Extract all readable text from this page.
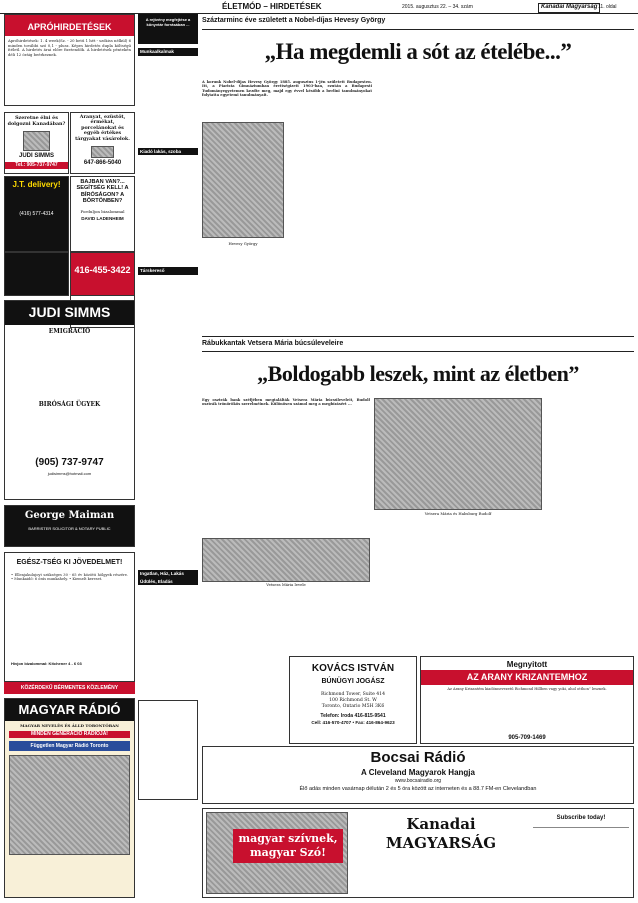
ÉLETMÓD – HIRDETÉSEK	2015. augusztus 22. – 34. szám	Kanadai Magyarság 11. oldal
APRÓHIRDETÉSEK
Apróhirdetések: 1. 4 week(Sz. - 20 betű 1 hét - szókiss nélkül) 6 minden további szó 0,1 - plusz. Képes hirdetés dupla költségű ítéletl. A hirdetés árai előre fizetendők. A hirdetések péntekén déli 12 óráig beérkeznek.
Szeretne élni és dolgozni Kanadában?
JUDI SIMMS
Tel.: 905-737-9747
Aranyat, ezüstöt, érmékat, porcelánokat és egyéb értékes tárgyakat vásárolok.
647-866-5040
J.T. delivery!
(416) 577-4314
BAJBAN VAN?... SEGÍTSÉG KELL! A BÍRÓSÁGON? A BÖRTÖNBEN?
Forduljon bizalommal
DAVID LADENHEIM
416-455-3422
JUDI SIMMS
EMIGRÁCIÓ
BIRÓSÁGI ÜGYEK
(905) 737-9747
judisimms@hotmail.com
George Maiman
BARRISTER SOLICITOR & NOTARY PUBLIC
EGÉSZ-TSÉG KI JÖVEDELMET!
• Ellenjakulujoyt szükséges 30 - 65 év közötti hölgyek részére. • Munkaidő: 6 órás munkahely. • Kiemelt kereset.
Hívjon bizalommal: Kitchener 4 - 6 03
KÖZÉRDEKŰ BÉRMENTES KÖZLEMÉNY
MAGYAR RÁDIÓ
MAGYAR NEVELÉS ÉS ÁLLD TORONTÓBAN
MINDEN GENERÁCIÓ RÁDIÓJA!
Független Magyar Rádió Toronto
A rejtvény megfejtése a könyvtár forrásában ...
Munkaalkalmak
Kiadó lakás, szoba
Társkereső
Ingatlan, Ház, Lakás
Üdülés, Eladás
Száztarminc éve született a Nobel-díjas Hevesy György
„Ha megdemli a sót az ételébe...”
A korunk Nobel-díjas Hevesy György 1885. augusztus 1-jén született Budapesten. Itt, a Piarista Gimnáziumban érettségizett 1903-ban, ezután a Budapesti Tudományegyetemen kezdte meg, majd egy évvel később a berlini tanulmányokat folytatta egyetemi tanulmányait.
Hevesy György
Rábukkantak Vetsera Mária búcsúleveleire
„Boldogabb leszek, mint az életben”
Egy osztrák bank széfjében megtalálták Vetsera Mária búcsúleveleit, Rudolf osztrák trónörökös szerelméinek. Különösen számol meg a megbízásért ...
Vetsera Mária és Habsburg Rudolf
Vetsera Mária levele
KOVÁCS ISTVÁN
BÚNÜGYI JOGÁSZ
Richmond Tower, Suite 414
100 Richmond St. W
Toronto, Ontario M5H 3K6
Telefon: Iroda 416-815-9541
Cell: 416-570-4707 • Fax: 416-864-9623
Megnyitott
AZ ARANY KRIZANTEMHOZ
Az Arany Krizantém kiadónnevezetű Richmond Hillben vagy yoki, ahol otthon” lesznek.
905-709-1469
Bocsai Rádió
A Cleveland Magyarok Hangja
www.bocsairadio.org
Élő adás minden vasárnap délután 2 és 5 óra között az interneten és a 88.7 FM-en Clevelandban
magyar szívnek, magyar Szó!
Kanadai MAGYARSÁG
Subscribe today!
